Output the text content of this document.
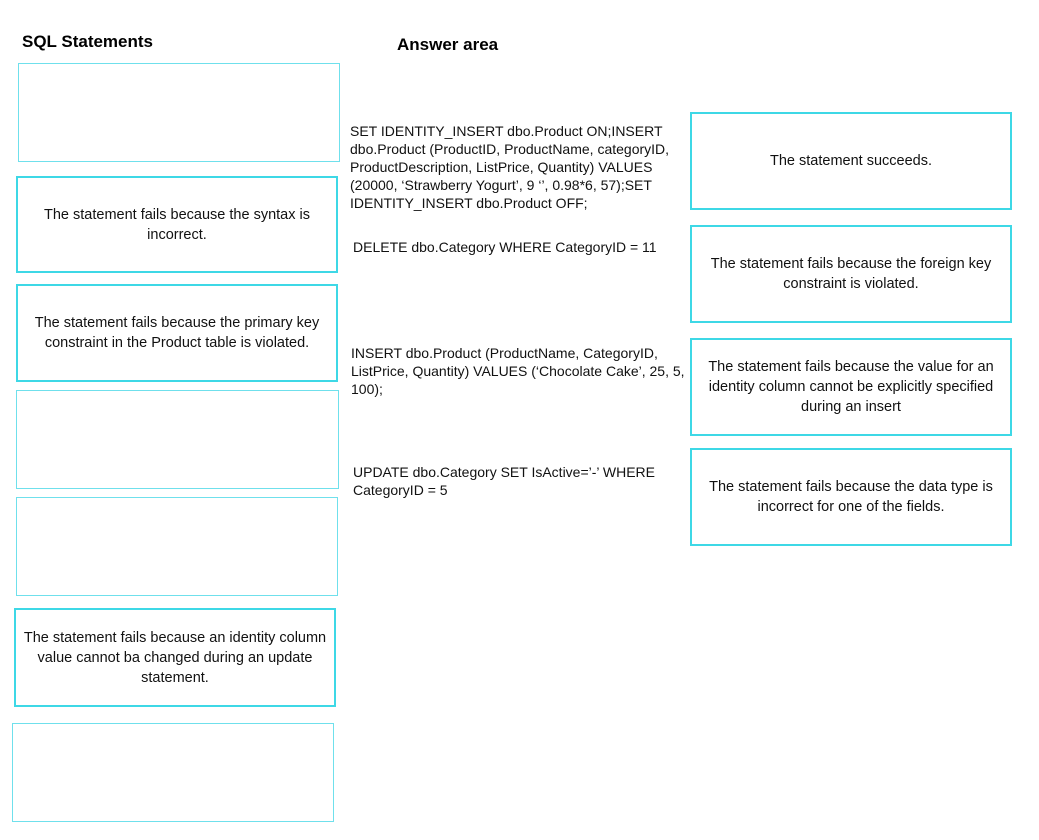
SQL Statements	Answer area
The statement fails because the syntax is incorrect.
The statement fails because the primary key constraint in the Product table is violated.
The statement fails because an identity column value cannot ba changed during an update statement.
SET IDENTITY_INSERT dbo.Product ON;INSERT dbo.Product (ProductID, ProductName, categoryID, ProductDescription, ListPrice, Quantity) VALUES (20000, ‘Strawberry Yogurt’, 9 ‘’, 0.98*6, 57);SET IDENTITY_INSERT dbo.Product OFF;
DELETE dbo.Category WHERE CategoryID = 11
INSERT dbo.Product (ProductName, CategoryID, ListPrice, Quantity) VALUES (‘Chocolate Cake’, 25, 5, 100);
UPDATE dbo.Category SET IsActive=’-’ WHERE CategoryID = 5
The statement succeeds.
The statement fails because the foreign key constraint is violated.
The statement fails because the value for an identity column cannot be explicitly specified during an insert
The statement fails because the data type is incorrect for one of the fields.
